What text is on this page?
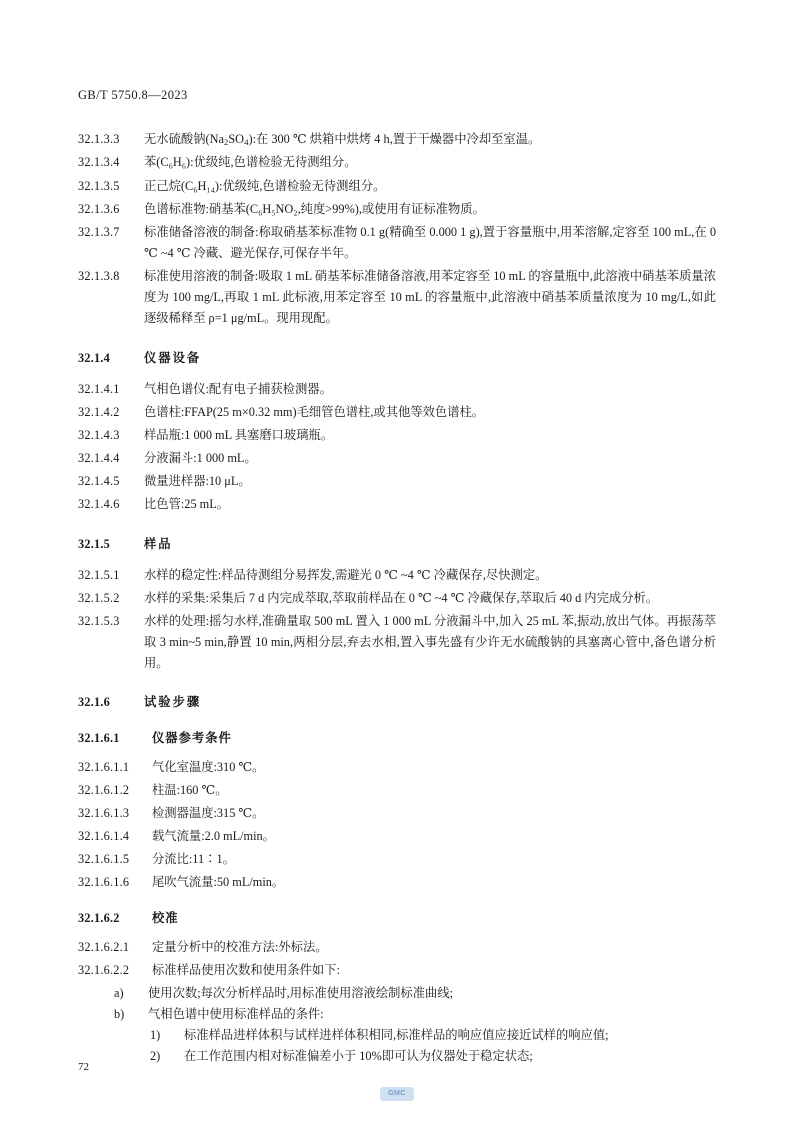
GB/T 5750.8—2023
32.1.3.3	无水硫酸钠$(Na_2SO_4)$:在 300 ℃ 烘箱中烘烤 4 h,置于干燥器中冷却至室温。
32.1.3.4	苯(C₆H₆):优级纯,色谱检验无待测组分。
32.1.3.5	正己烷(C₆H₁₄):优级纯,色谱检验无待测组分。
32.1.3.6	色谱标准物:硝基苯(C₆H₅NO₂,纯度>99%),或使用有证标准物质。
32.1.3.7	标准储备溶液的制备:称取硝基苯标准物 0.1 g(精确至 0.000 1 g),置于容量瓶中,用苯溶解,定容至 100 mL,在 0 ℃ ~4 ℃ 冷藏、避光保存,可保存半年。
32.1.3.8	标准使用溶液的制备:吸取 1 mL 硝基苯标准储备溶液,用苯定容至 10 mL 的容量瓶中,此溶液中硝基苯质量浓度为 100 mg/L,再取 1 mL 此标液,用苯定容至 10 mL 的容量瓶中,此溶液中硝基苯质量浓度为 10 mg/L,如此逐级稀释至 ρ=1 μg/mL。现用现配。
32.1.4	仪器设备
32.1.4.1	气相色谱仪:配有电子捕获检测器。
32.1.4.2	色谱柱:FFAP(25 m×0.32 mm)毛细管色谱柱,或其他等效色谱柱。
32.1.4.3	样品瓶:1 000 mL 具塞磨口玻璃瓶。
32.1.4.4	分液漏斗:1 000 mL。
32.1.4.5	微量进样器:10 μL。
32.1.4.6	比色管:25 mL。
32.1.5	样品
32.1.5.1	水样的稳定性:样品待测组分易挥发,需避光 0 ℃ ~4 ℃ 冷藏保存,尽快测定。
32.1.5.2	水样的采集:采集后 7 d 内完成萃取,萃取前样品在 0 ℃ ~4 ℃ 冷藏保存,萃取后 40 d 内完成分析。
32.1.5.3	水样的处理:摇匀水样,准确量取 500 mL 置入 1 000 mL 分液漏斗中,加入 25 mL 苯,振动,放出气体。再振荡萃取 3 min~5 min,静置 10 min,两相分层,弃去水相,置入事先盛有少许无水硫酸钠的具塞离心管中,备色谱分析用。
32.1.6	试验步骤
32.1.6.1	仪器参考条件
32.1.6.1.1	气化室温度:310 ℃。
32.1.6.1.2	柱温:160 ℃。
32.1.6.1.3	检测器温度:315 ℃。
32.1.6.1.4	载气流量:2.0 mL/min。
32.1.6.1.5	分流比:11∶1。
32.1.6.1.6	尾吹气流量:50 mL/min。
32.1.6.2	校准
32.1.6.2.1	定量分析中的校准方法:外标法。
32.1.6.2.2	标准样品使用次数和使用条件如下:
a)	使用次数;每次分析样品时,用标准使用溶液绘制标准曲线;
b)	气相色谱中使用标准样品的条件:
1)	标准样品进样体积与试样进样体积相同,标准样品的响应值应接近试样的响应值;
2)	在工作范围内相对标准偏差小于 10%即可认为仪器处于稳定状态;
72
GMC
